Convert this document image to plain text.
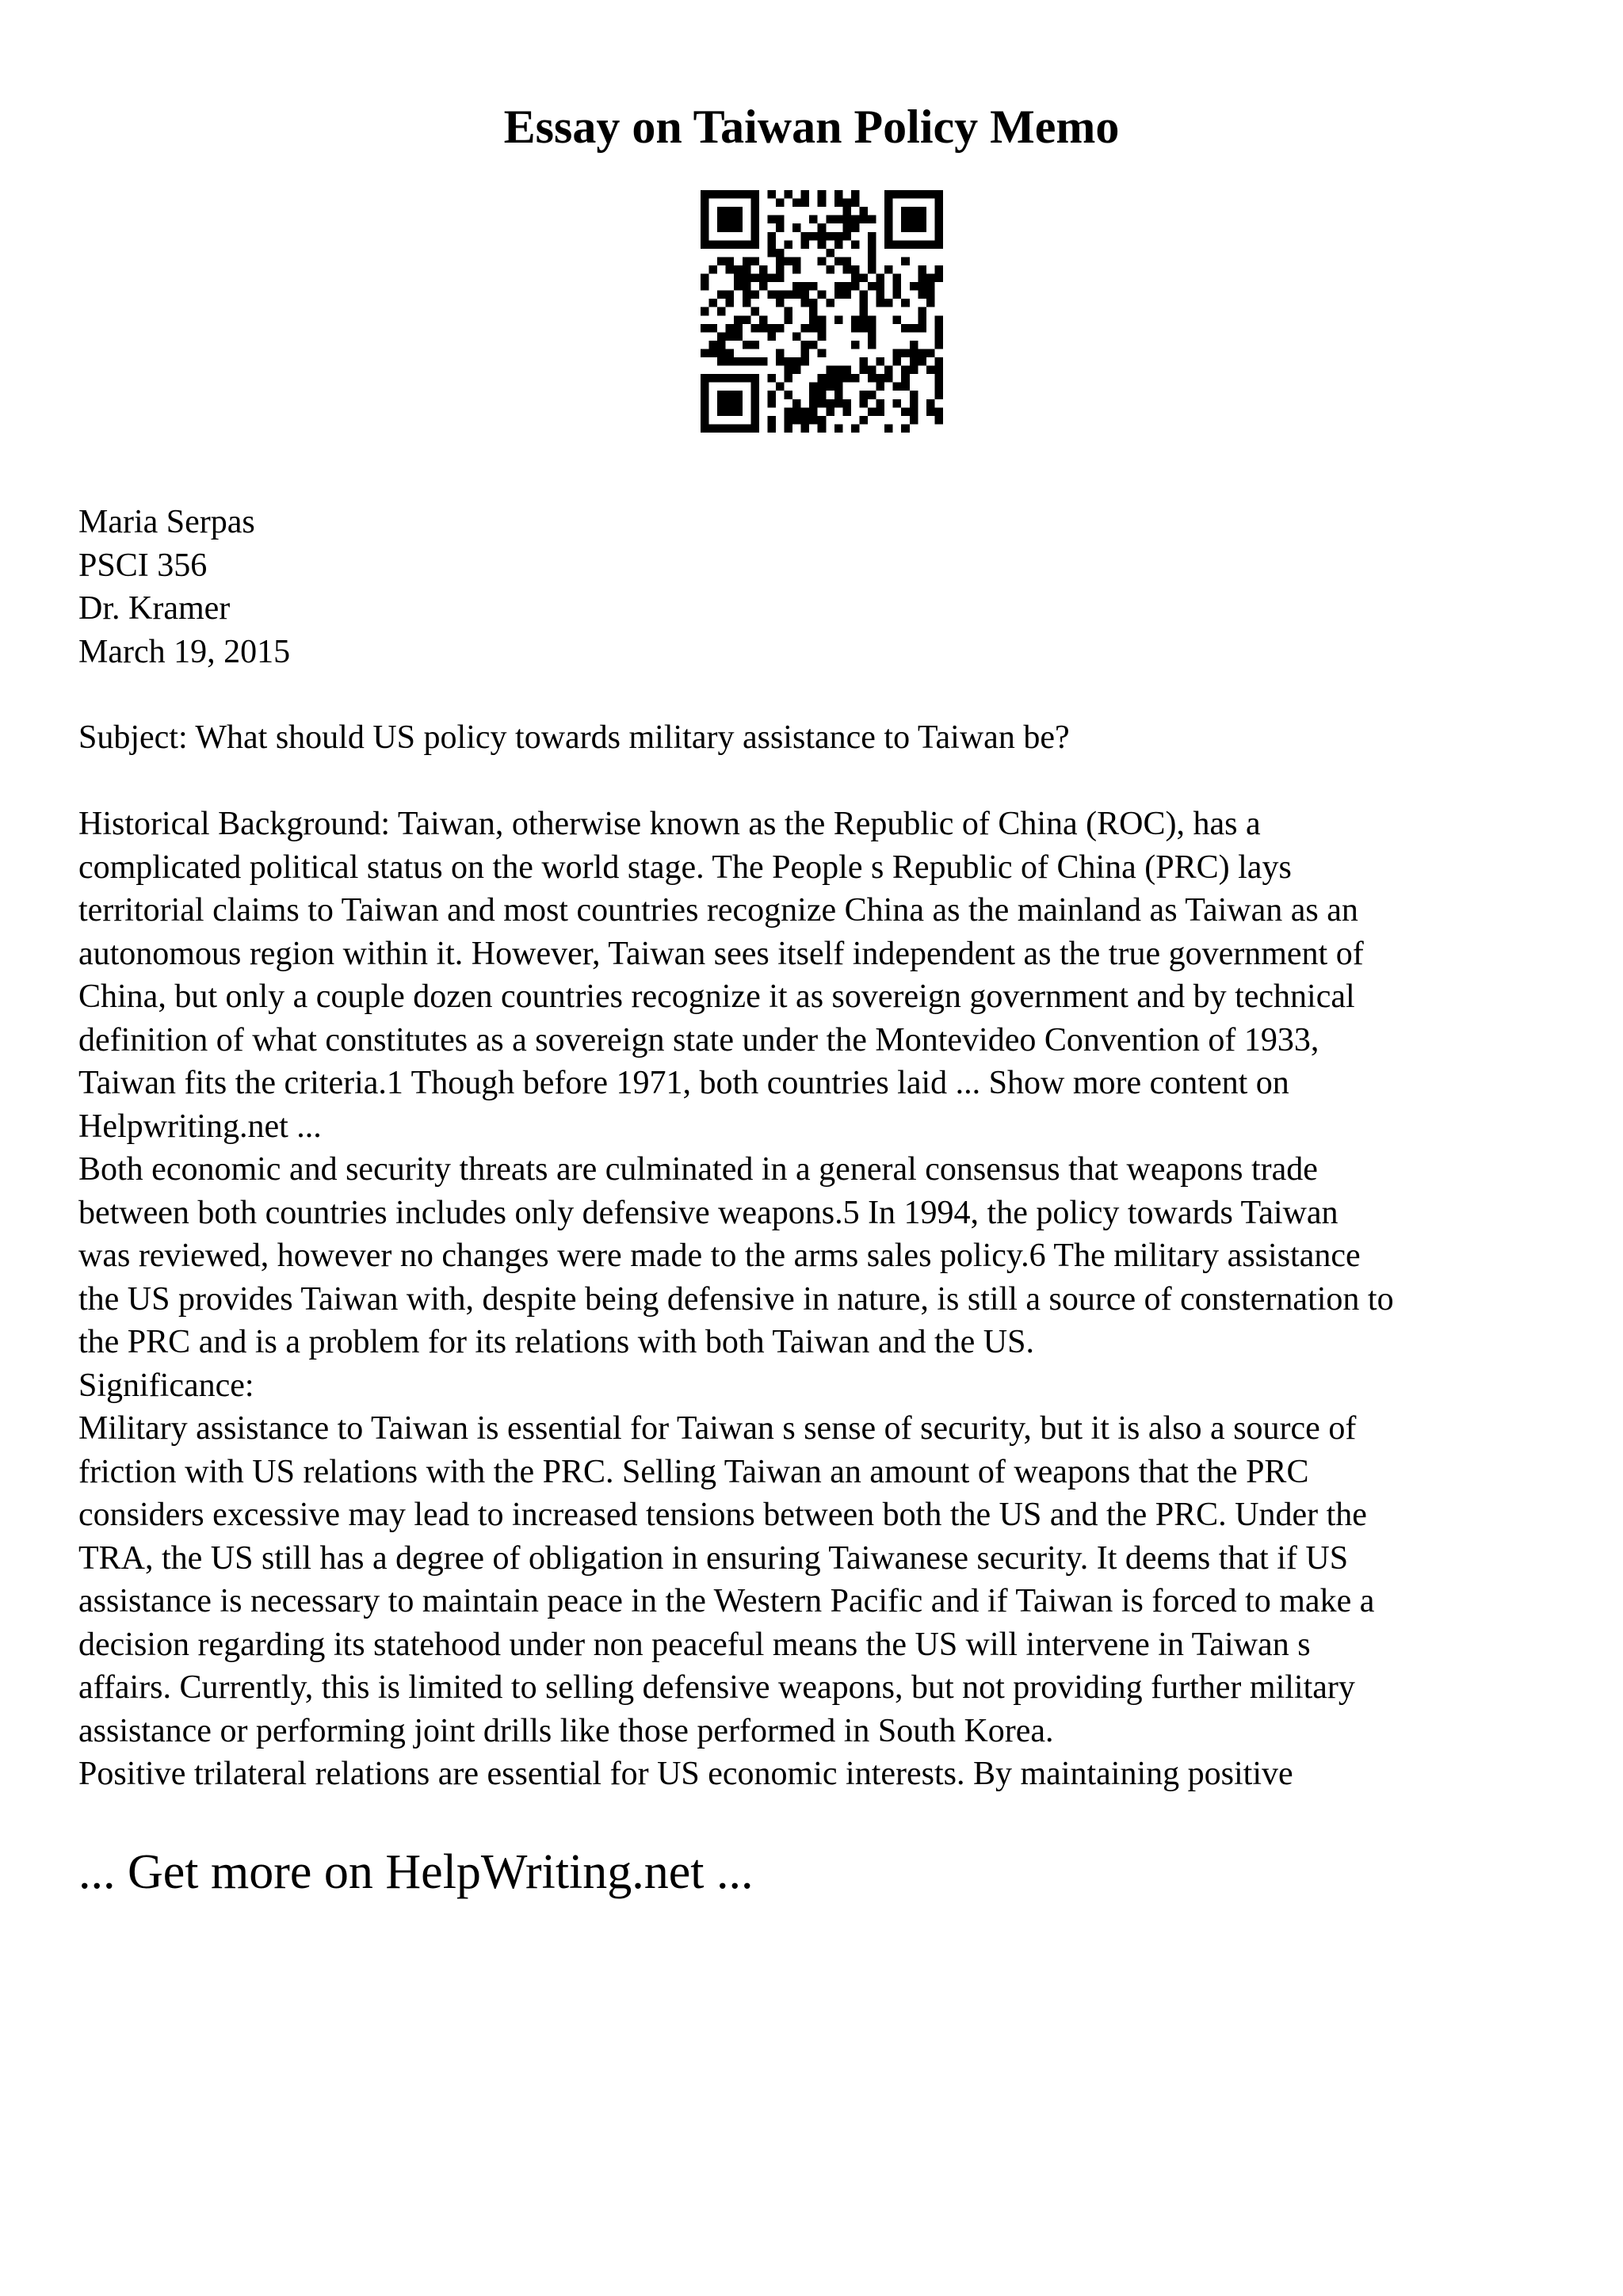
Essay on Taiwan Policy Memo
Maria Serpas
PSCI 356
Dr. Kramer
March 19, 2015
Subject: What should US policy towards military assistance to Taiwan be?
Historical Background: Taiwan, otherwise known as the Republic of China (ROC), has a
complicated political status on the world stage. The People s Republic of China (PRC) lays
territorial claims to Taiwan and most countries recognize China as the mainland as Taiwan as an
autonomous region within it. However, Taiwan sees itself independent as the true government of
China, but only a couple dozen countries recognize it as sovereign government and by technical
definition of what constitutes as a sovereign state under the Montevideo Convention of 1933,
Taiwan fits the criteria.1 Though before 1971, both countries laid ... Show more content on
Helpwriting.net ...
Both economic and security threats are culminated in a general consensus that weapons trade
between both countries includes only defensive weapons.5 In 1994, the policy towards Taiwan
was reviewed, however no changes were made to the arms sales policy.6 The military assistance
the US provides Taiwan with, despite being defensive in nature, is still a source of consternation to
the PRC and is a problem for its relations with both Taiwan and the US.
Significance:
Military assistance to Taiwan is essential for Taiwan s sense of security, but it is also a source of
friction with US relations with the PRC. Selling Taiwan an amount of weapons that the PRC
considers excessive may lead to increased tensions between both the US and the PRC. Under the
TRA, the US still has a degree of obligation in ensuring Taiwanese security. It deems that if US
assistance is necessary to maintain peace in the Western Pacific and if Taiwan is forced to make a
decision regarding its statehood under non peaceful means the US will intervene in Taiwan s
affairs. Currently, this is limited to selling defensive weapons, but not providing further military
assistance or performing joint drills like those performed in South Korea.
Positive trilateral relations are essential for US economic interests. By maintaining positive
... Get more on HelpWriting.net ...
